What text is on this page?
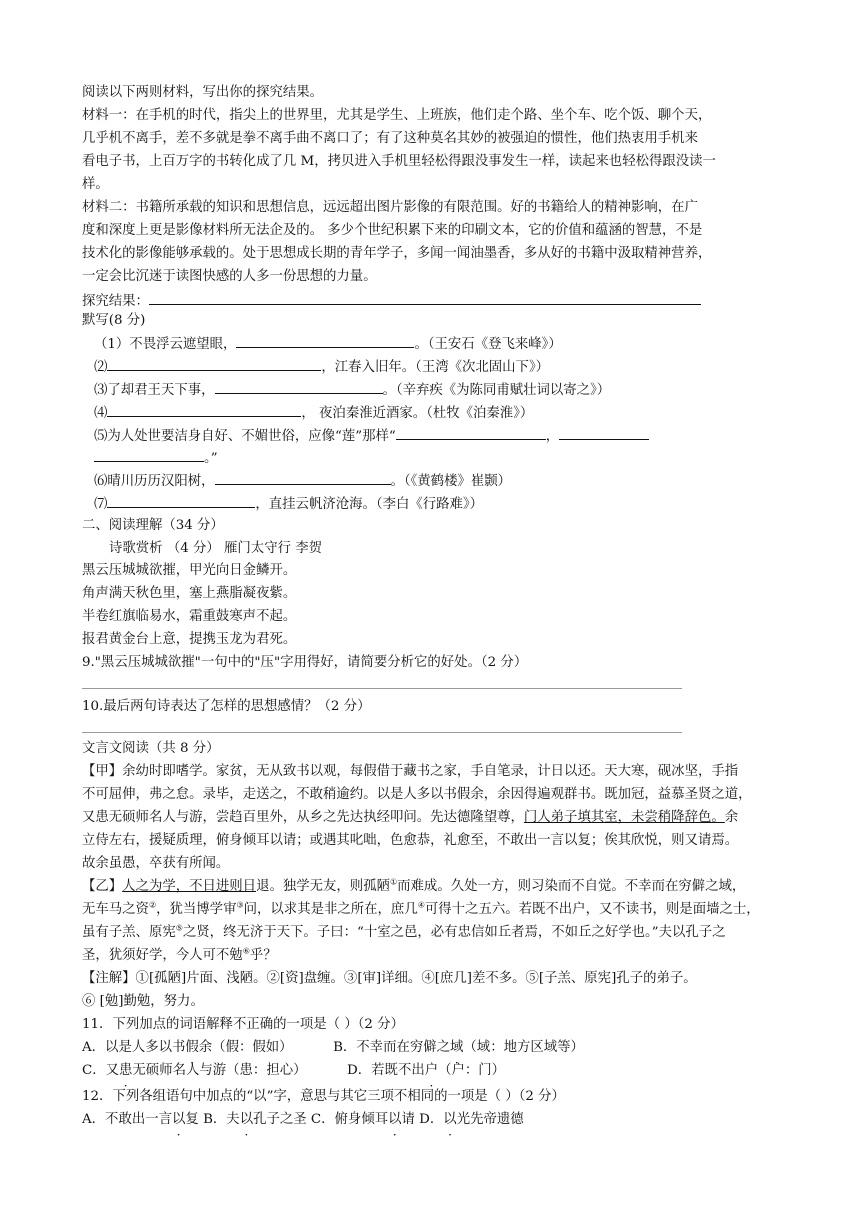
阅读以下两则材料，写出你的探究结果。
材料一：在手机的时代，指尖上的世界里，尤其是学生、上班族，他们走个路、坐个车、吃个饭、聊个天，
几乎机不离手，差不多就是拳不离手曲不离口了；有了这种莫名其妙的被强迫的惯性，他们热衷用手机来
看电子书，上百万字的书转化成了几 M，拷贝进入手机里轻松得跟没事发生一样，读起来也轻松得跟没读一
样。
材料二：书籍所承载的知识和思想信息，远远超出图片影像的有限范围。好的书籍给人的精神影响，在广
度和深度上更是影像材料所无法企及的。 多少个世纪积累下来的印刷文本，它的价值和蕴涵的智慧，不是
技术化的影像能够承载的。处于思想成长期的青年学子，多闻一闻油墨香，多从好的书籍中汲取精神营养，
一定会比沉迷于读图快感的人多一份思想的力量。
探究结果：
默写(8 分)
（1）不畏浮云遮望眼，	。（王安石《登飞来峰》）
⑵	，江春入旧年。（王湾《次北固山下》）
⑶了却君王天下事，	。（辛弃疾《为陈同甫赋壮词以寄之》）
⑷	， 夜泊秦淮近酒家。（杜牧《泊秦淮》）
⑸为人处世要洁身自好、不媚世俗，应像“莲”那样“	，
。”
⑹晴川历历汉阳树，	。（《黄鹤楼》崔颢）
⑺	，直挂云帆济沧海。（李白《行路难》）
二、阅读理解（34 分）
诗歌赏析 （4 分） 雁门太守行 李贺
黑云压城城欲摧，甲光向日金鳞开。
角声满天秋色里，塞上燕脂凝夜紫。
半卷红旗临易水，霜重鼓寒声不起。
报君黄金台上意，提携玉龙为君死。
9."黑云压城城欲摧"一句中的"压"字用得好，请简要分析它的好处。（2 分）
10.最后两句诗表达了怎样的思想感情？（2 分）
文言文阅读（共 8 分）
【甲】余幼时即嗜学。家贫，无从致书以观，每假借于藏书之家，手自笔录，计日以还。天大寒，砚冰坚，手指
不可屈伸，弗之怠。录毕，走送之，不敢稍逾约。以是人多以书假余，余因得遍观群书。既加冠，益慕圣贤之道，
又患无硕师名人与游，尝趋百里外，从乡之先达执经叩问。先达德隆望尊，门人弟子填其室，未尝稍降辞色。余
立侍左右，援疑质理，俯身倾耳以请；或遇其叱咄，色愈恭，礼愈至，不敢出一言以复；俟其欣悦，则又请焉。
故余虽愚，卒获有所闻。
【乙】人之为学，不日进则日退。独学无友，则孤陋①而难成。久处一方，则习染而不自觉。不幸而在穷僻之域，
无车马之资②，犹当博学审③问，以求其是非之所在，庶几④可得十之五六。若既不出户，又不读书，则是面墙之士，
虽有子羔、原宪⑤之贤，终无济于天下。子曰：“十室之邑，必有忠信如丘者焉，不如丘之好学也。”夫以孔子之
圣，犹须好学，今人可不勉⑥乎？
【注解】①[孤陋]片面、浅陋。②[资]盘缠。③[审]详细。④[庶几]差不多。⑤[子羔、原宪]孔子的弟子。
⑥ [勉]勤勉，努力。
11．下列加点的词语解释不正确的一项是（ ）（2 分）
A．以是人多以书假余（假：假如）	B．不幸而在穷僻之域（域：地方区域等）
C．又患无硕师名人与游（患：担心）	D．若既不出户（户：门）
12．下列各组语句中加点的“以”字，意思与其它三项不相同的一项是（ ）（2 分）
A．不敢出一言以复 B．夫以孔子之圣 C．俯身倾耳以请 D．以光先帝遗德
